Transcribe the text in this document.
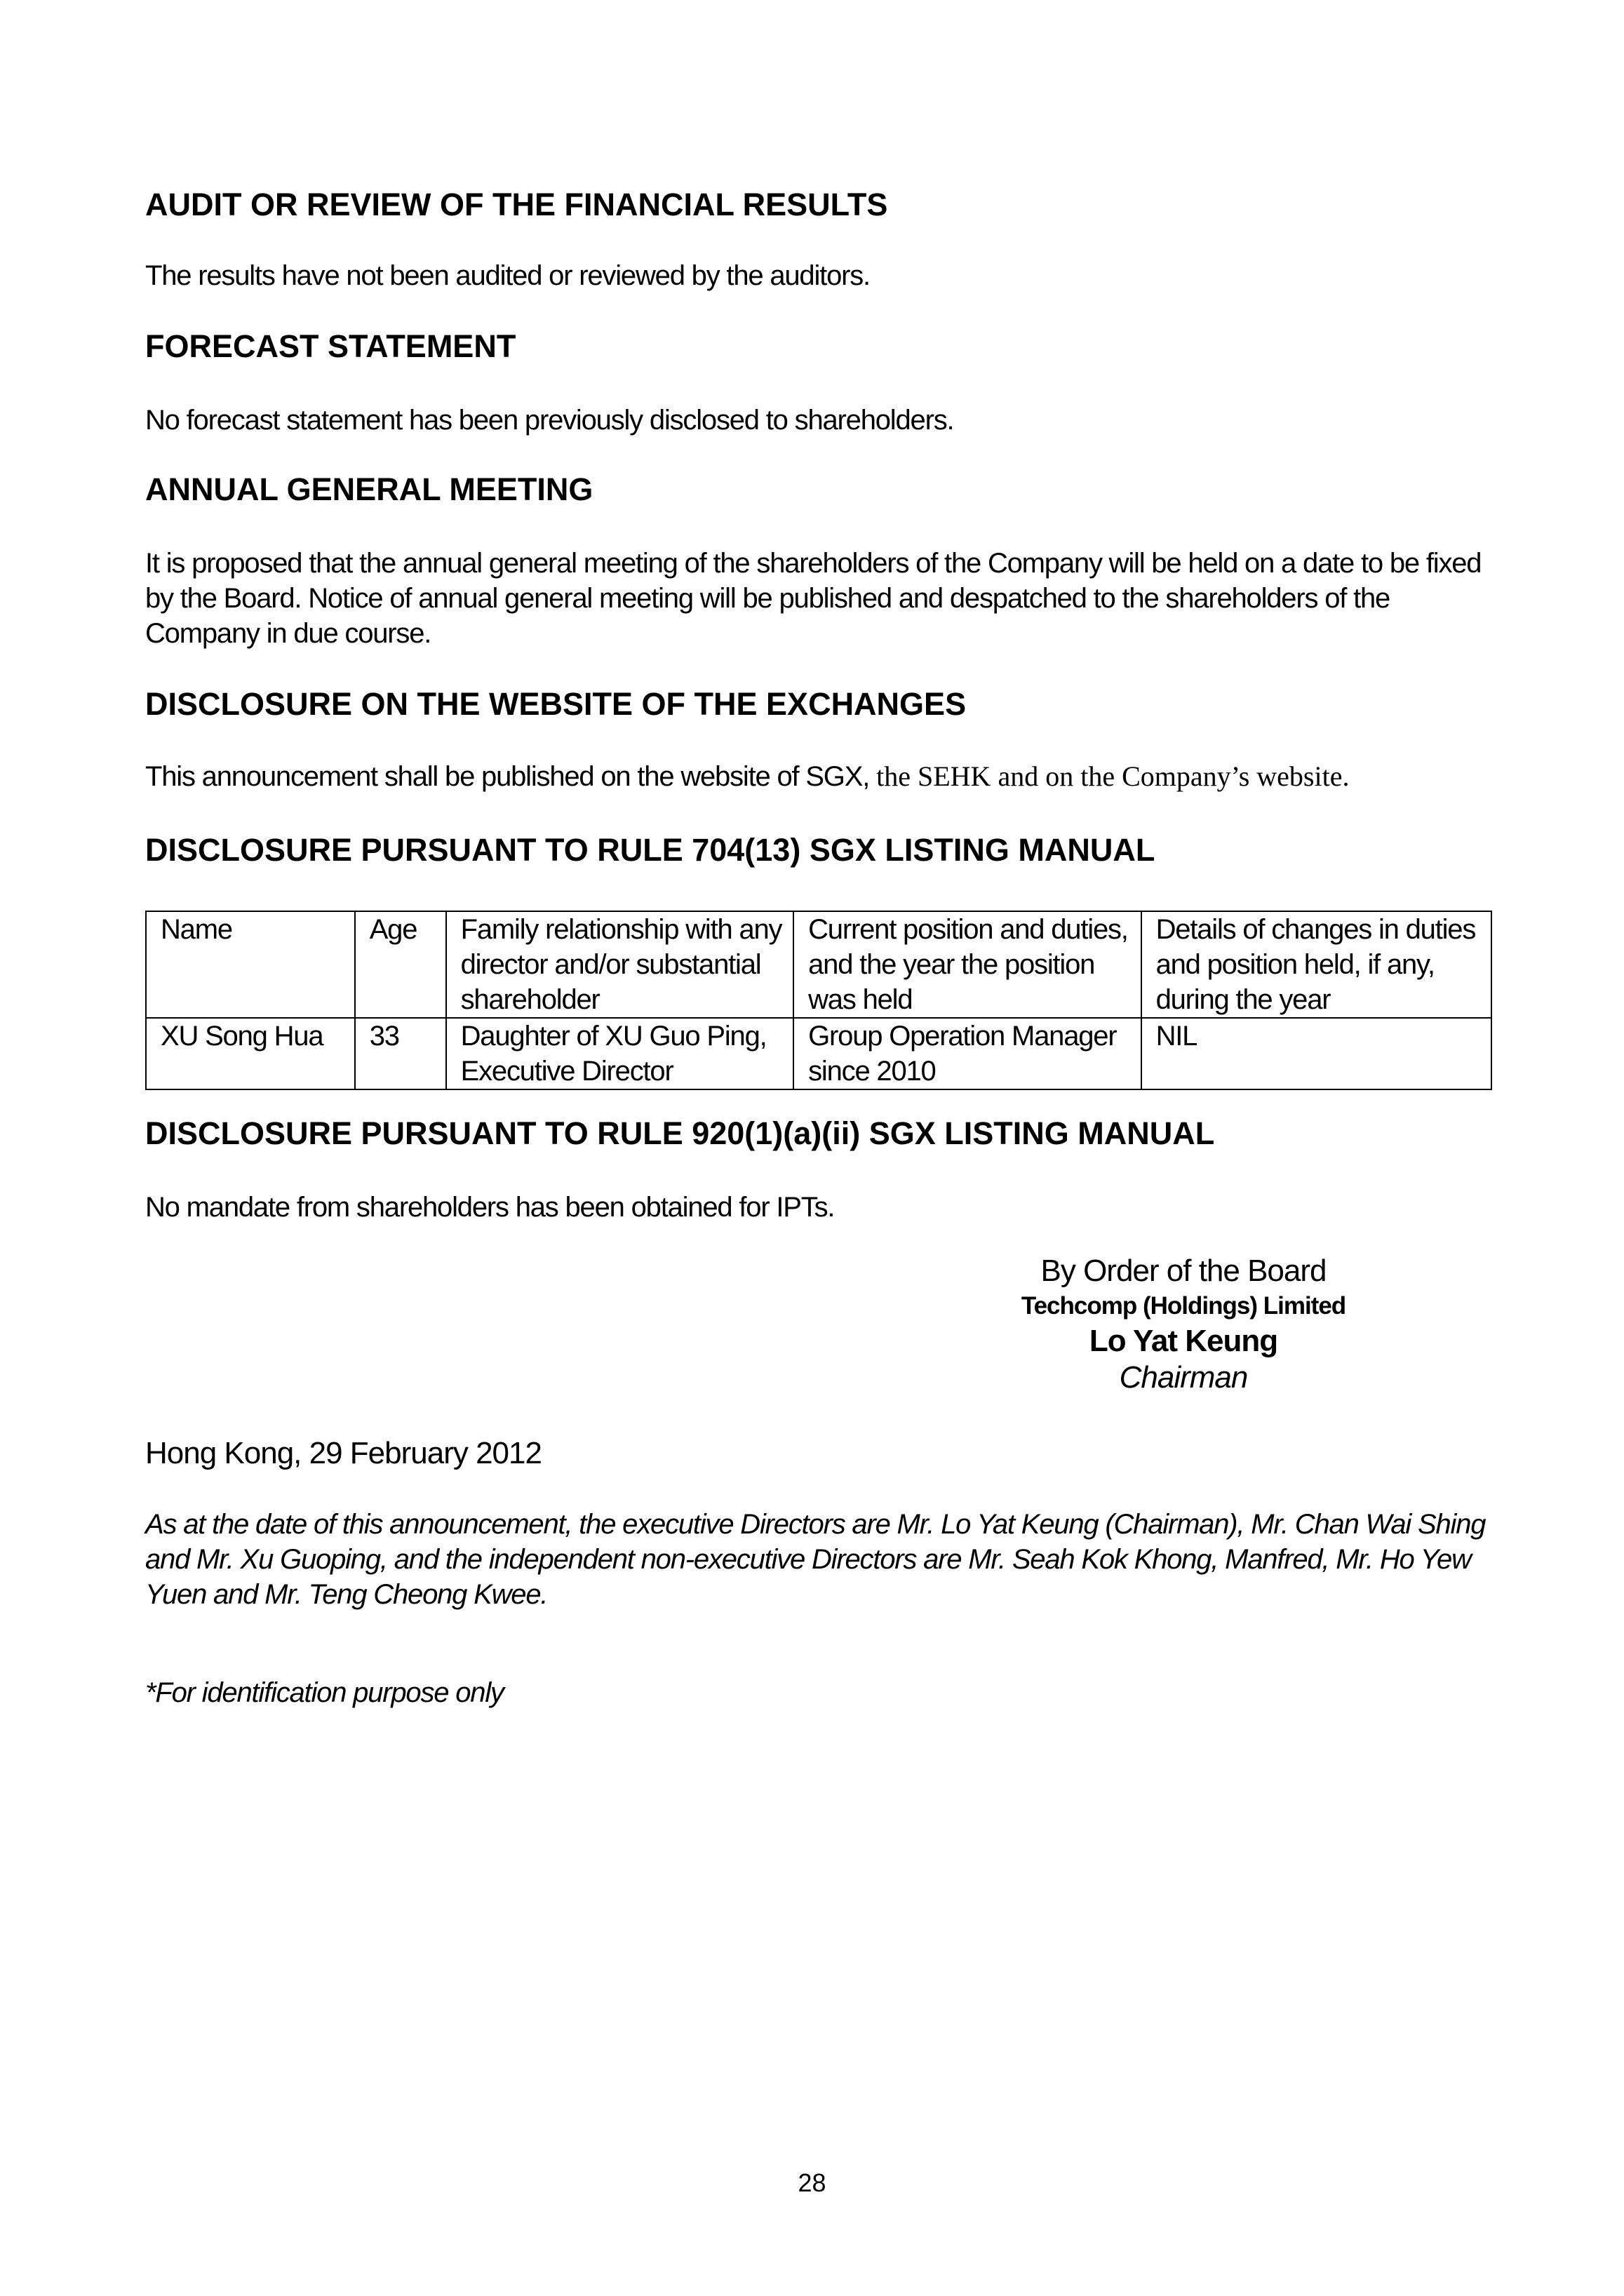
AUDIT OR REVIEW OF THE FINANCIAL RESULTS
The results have not been audited or reviewed by the auditors.
FORECAST STATEMENT
No forecast statement has been previously disclosed to shareholders.
ANNUAL GENERAL MEETING
It is proposed that the annual general meeting of the shareholders of the Company will be held on a date to be fixed by the Board. Notice of annual general meeting will be published and despatched to the shareholders of the Company in due course.
DISCLOSURE ON THE WEBSITE OF THE EXCHANGES
This announcement shall be published on the website of SGX, the SEHK and on the Company’s website.
DISCLOSURE PURSUANT TO RULE 704(13) SGX LISTING MANUAL
Name	Age	Family relationship with any director and/or substantial shareholder	Current position and duties, and the year the position was held	Details of changes in duties and position held, if any, during the year
XU Song Hua	33	Daughter of XU Guo Ping, Executive Director	Group Operation Manager since 2010	NIL
DISCLOSURE PURSUANT TO RULE 920(1)(a)(ii) SGX LISTING MANUAL
No mandate from shareholders has been obtained for IPTs.
By Order of the Board
Techcomp (Holdings) Limited
Lo Yat Keung
Chairman
Hong Kong, 29 February 2012
As at the date of this announcement, the executive Directors are Mr. Lo Yat Keung (Chairman), Mr. Chan Wai Shing and Mr. Xu Guoping, and the independent non-executive Directors are Mr. Seah Kok Khong, Manfred, Mr. Ho Yew Yuen and Mr. Teng Cheong Kwee.
*For identification purpose only
28
